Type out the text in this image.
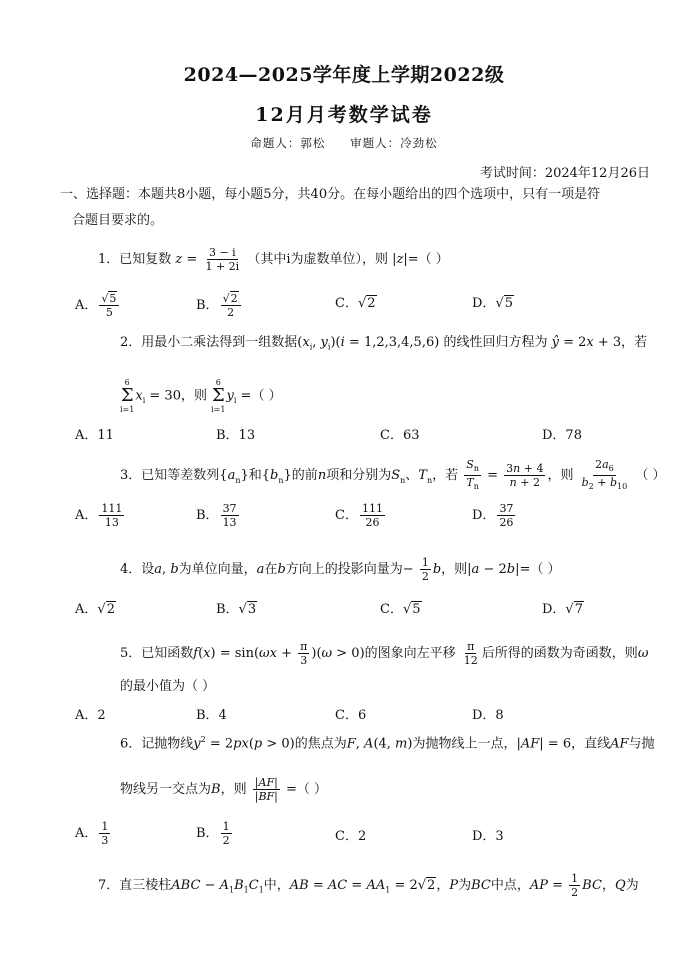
2024—2025学年度上学期2022级
12月月考数学试卷
命题人：郭松 审题人：冷劲松
考试时间：2024年12月26日
一、选择题：本题共8小题，每小题5分，共40分。在每小题给出的四个选项中，只有一项是符
合题目要求的。
1．已知复数 $z = \frac{3 - i}{1 + 2i}$ （其中i为虚数单位），则 |z|=（ ）
A． $\frac{√5}{5}$	B． $\frac{√2}{2}$	C．√2	D．√5
2．用最小二乘法得到一组数据($x_i$, $y_i)(i = 1,2,3,4,5,6)$ 的线性回归方程为 ŷ = 2x + 3，若
6
Σ
i=1
$x_i = 30$，则
6
Σ
i=1
$y_i$ =（ ）
A．11	B．13	C．63	D．78
3．已知等差数列$\{a_n\}$和$\{b_n\}$的前n项和分别为$S_n$、$T_n$，若 $\frac{S_n}{T_n} = \frac{3n + 4}{n + 2}$ ，则 $\frac{2a_6}{b_2 + b_{10}}$ （ ）
A． $\frac{111}{13}$	B． $\frac{37}{13}$	C． $\frac{111}{26}$	D． $\frac{37}{26}$
4．设a, b为单位向量，a在b方向上的投影向量为− $\frac{1}{2}$ b，则|a − 2b|=（ ）
A．√2	B．√3	C．√5	D．√7
5．已知函数$f(x) = \sin(\omega x + \frac{\pi}{3} )(\omega > 0)$的图象向左平移 $\frac{\pi}{12}$ 后所得的函数为奇函数，则ω
的最小值为（ ）
A．2	B．4	C．6	D．8
6．记抛物线$y^2 = 2px(p > 0)$的焦点为F, A(4, m)为抛物线上一点，|AF| = 6，直线AF与抛
物线另一交点为B，则 $\frac{|AF|}{|BF|}$ =（ ）
A． $\frac{1}{3}$	B． $\frac{1}{2}$	C．2	D．3
7．直三棱柱ABC − $A_1B_1C_1$中，AB = AC = $AA_1 = 2√2$，P为BC中点，AP = $\frac{1}{2}$ BC，Q为
